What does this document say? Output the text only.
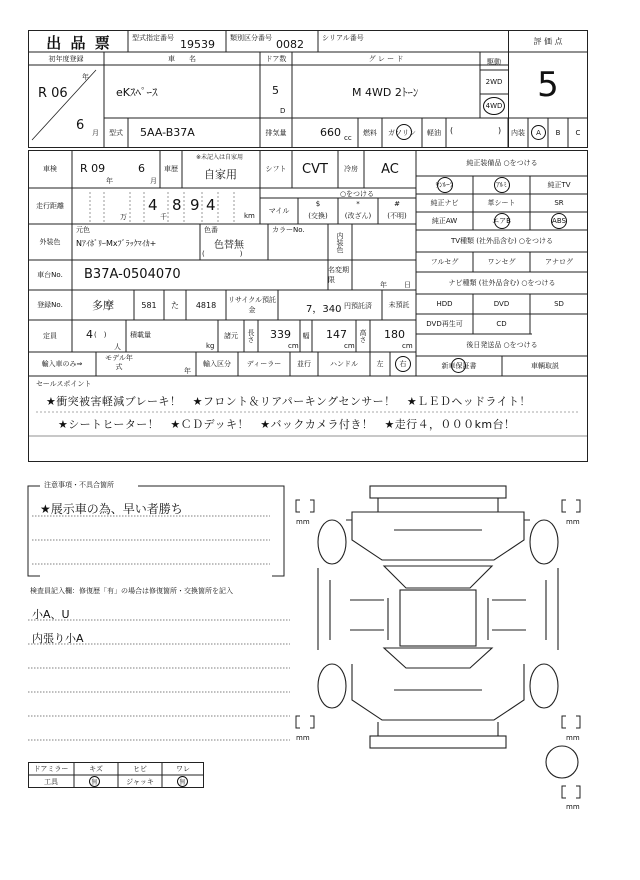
出 品 票	型式指定番号 19539 類別区分番号 0082	シリアル番号	評 価 点
5
初年度登録
R 06
年
6 月
車　　名
eKｽﾍﾟｰｽ
ドア数
5
D
グ レ ー ド
M 4WD 2ﾄｰﾝ
駆動
2WD
4WD
型式	5AA-B37A	排気量	660 cc
燃料	ガソリン	軽油	(	)	内装	A	B	C
車検	R 09
年
6
月
車歴
※未記入は自家用
自家用	シフト	CVT	冷房	AC
走行距離	4
万	千
8 9 4
km
○をつける
マイル
$
(交換)
*
(改ざん)
#
(不明)
外装色
元色	色番
NｱｲﾎﾞﾘｰMxﾌﾞﾗｯｸﾏｲｶ+	色替無
(　　　　　)
カラーNo.
内装色
車台No.	B37A-0504070	名変期限
年 日
登録No.	多摩	581	た	4818
リサイクル預託金	7，340 円預託済	未預託
定員	4 (　)
人
積載量
kg
諸元	長さ 339
cm
幅 147
cm
高さ 180
cm
輸入車のみ⇒
モデル年式	年
輸入区分	ディーラー	並行	ハンドル	左	右
純正装備品 ○をつける
ｻﾝﾙｰﾌ	ｱﾙﾐ	純正TV
純正ナビ	革シート	SR
純正AW	エアB	ABS
TV種類 (社外品含む) ○をつける
フルセグ	ワンセグ	アナログ
ナビ種類 (社外品含む) ○をつける
HDD	DVD	SD
DVD再生可	CD
後日発送品 ○をつける
新車保証書	車輌取説
セールスポイント
★衝突被害軽減ブレーキ！　★フロント＆リアパーキングセンサー！　★ＬＥＤヘッドライト！
★シートヒーター！　★ＣＤデッキ！　★バックカメラ付き！　★走行４，０００km台！
注意事項・不具合箇所
★展示車の為、早い者勝ち
検査員記入欄：修復歴「有」の場合は修復箇所・交換箇所を記入
小A、U
内張り小A
ドアミラー	キズ	ヒビ	ワレ
工具	無	ジャッキ	無
mm	mm
mm	mm
mm
